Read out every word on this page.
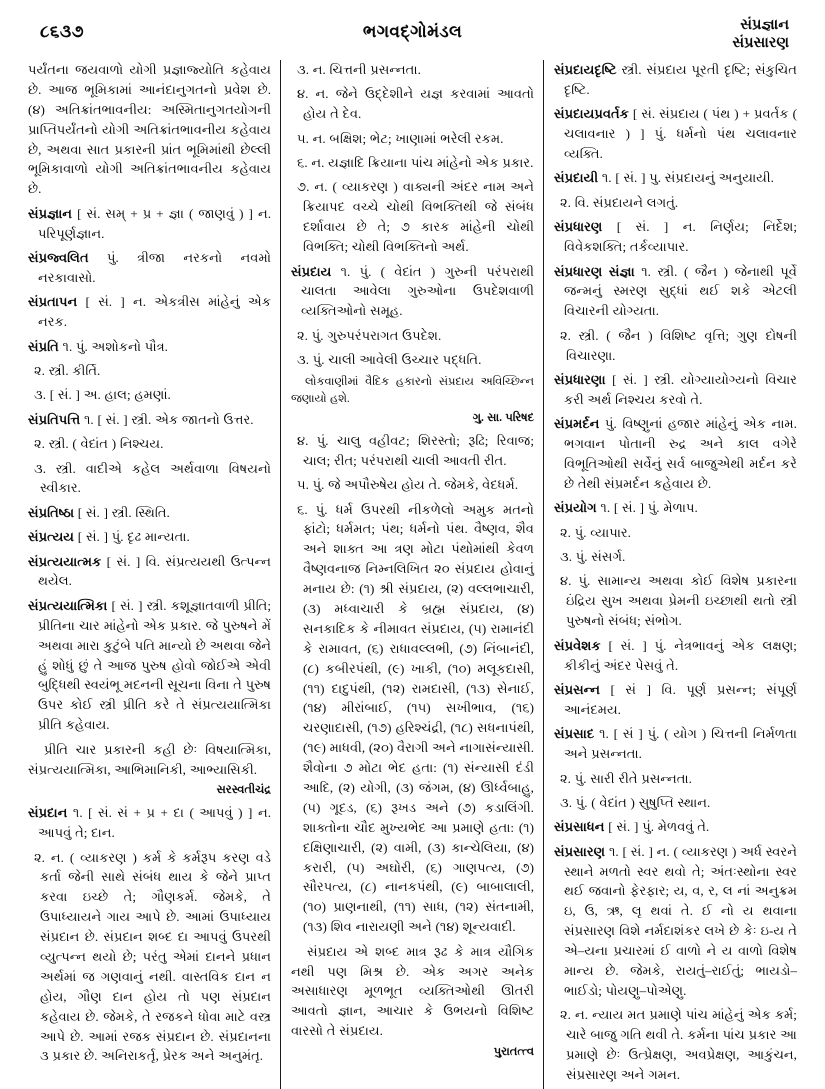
૮૬૩૭	ભગવદ્ગોમંડલ	સંપ્રજ્ઞાન
સંપ્રસારણ

પર્યંતના જયવાળો યોગી પ્રજ્ઞાજ્યોતિ કહેવાય છે. આજ ભૂમિકામાં આનંદાનુગતનો પ્રવેશ છે. (૪) અતિક્રાંતભાવનીય: અસ્મિતાનુગતયોગની પ્રાપ્તિપર્યંતનો યોગી અતિક્રાંતભાવનીય કહેવાય છે, અથવા સાત પ્રકારની પ્રાંત ભૂમિમાંથી છેલ્લી ભૂમિકાવાળો યોગી અતિક્રાંતભાવનીય કહેવાય છે.

સંપ્રજ્ઞાન [ સં. સમ્ + પ્ર + જ્ઞા ( જાણવું ) ] ન. પરિપૂર્ણજ્ઞાન.

સંપ્રજ્વલિત પું. ત્રીજા નરકનો નવમો નરકાવાસો.

સંપ્રતાપન [ સં. ] ન. એકત્રીસ માંહેનું એક નરક.

સંપ્રતિ ૧. પું. અશોકનો પૌત્ર.

૨. સ્ત્રી. કીર્તિ.

૩. [ સં. ] અ. હાલ; હમણાં.

સંપ્રતિપત્તિ ૧. [ સં. ] સ્ત્રી. એક જાતનો ઉત્તર.

૨. સ્ત્રી. ( વેદાંત ) નિશ્ચય.

૩. સ્ત્રી. વાદીએ કહેલ અર્થવાળા વિષયનો સ્વીકાર.

સંપ્રતિષ્ઠા [ સં. ] સ્ત્રી. સ્થિતિ.

સંપ્રત્યય [ સં. ] પું. દૃઢ માન્યતા.

સંપ્રત્યયાત્મક [ સં. ] વિ. સંપ્રત્યયથી ઉત્પન્ન થયેલ.

સંપ્રત્યયાત્મિકા [ સં. ] સ્ત્રી. કશૂજ્ઞાતવાળી પ્રીતિ; પ્રીતિના ચાર માંહેનો એક પ્રકાર. જે પુરુષને મેં અથવા મારા કુટુંબે પતિ માન્યો છે અથવા જેને હું શોધું છું તે આજ પુરુષ હોવો જોઈએ એવી બુદ્ધિથી સ્વયંભૂ મદનની સૂચના વિના તે પુરુષ ઉપર કોઈ સ્ત્રી પ્રીતિ કરે તે સંપ્રત્યયાત્મિકા પ્રીતિ કહેવાય.

પ્રીતિ ચાર પ્રકારની કહી છેઃ વિષયાત્મિકા, સંપ્રત્યયાત્મિકા, આભિમાનિકી, આભ્યાસિકી.

સરસ્વતીચંદ્ર

સંપ્રદાન ૧. [ સં. સં + પ્ર + દા ( આપવું ) ] ન. આપવું તે; દાન.

૨. ન. ( વ્યાકરણ ) કર્મ કે કર્મરૂપ કરણ વડે કર્તા જેની સાથે સંબંધ થાય કે જેને પ્રાપ્ત કરવા ઇચ્છે તે; ગૌણકર્મ. જેમકે, તે ઉપાધ્યાયને ગાય આપે છે. આમાં ઉપાધ્યાય સંપ્રદાન છે. સંપ્રદાન શબ્દ દા આપવું ઉપરથી વ્યુત્પન્ન થયો છે; પરંતુ એમાં દાનને પ્રધાન અર્થમાં જ ગણવાનું નથી. વાસ્તવિક દાન ન હોય, ગૌણ દાન હોય તો પણ સંપ્રદાન કહેવાય છે. જેમકે, તે રજકને ધોવા માટે વસ્ત્ર આપે છે. આમાં રજક સંપ્રદાન છે. સંપ્રદાનના ૩ પ્રકાર છે. અનિરાકર્તૃ, પ્રેરક અને અનુમંતૃ.

૩. ન. ચિત્તની પ્રસન્નતા.

૪. ન. જેને ઉદ્દેશીને યજ્ઞ કરવામાં આવતો હોય તે દેવ.

૫. ન. બક્ષિશ; ભેટ; ખાણામાં ભરેલી રકમ.

૬. ન. યજ્ઞાદિ ક્રિયાના પાંચ માંહેનો એક પ્રકાર.

૭. ન. ( વ્યાકરણ ) વાક્યની અંદર નામ અને ક્રિયાપદ વચ્ચે ચોથી વિભક્તિથી જે સંબંધ દર્શાવાય છે તે; ૭ કારક માંહેની ચોથી વિભક્તિ; ચોથી વિભક્તિનો અર્થ.

સંપ્રદાય ૧. પું. ( વેદાંત ) ગુરુની પરંપરાથી ચાલતા આવેલા ગુરુઓના ઉપદેશવાળી વ્યક્તિઓનો સમૂહ.

૨. પું. ગુરુપરંપરાગત ઉપદેશ.

૩. પું. ચાલી આવેલી ઉચ્ચાર પદ્ધતિ.

લોકવાણીમાં વૈદિક હકારનો સંપ્રદાય અવિચ્છિન્ન જણાયો હશે.

ગુ. સા. પરિષદ

૪. પું. ચાલુ વહીવટ; શિરસ્તો; રૂઢિ; રિવાજ; ચાલ; રીત; પરંપરાથી ચાલી આવતી રીત.

૫. પું. જે અપૌરુષેય હોય તે. જેમકે, વેદધર્મ.

૬. પું. ધર્મ ઉપરથી નીકળેલો અમુક મતનો ફાંટો; ધર્મમત; પંથ; ધર્મનો પંથ. વૈષ્ણવ, શૈવ અને શાક્ત આ ત્રણ મોટા પંથોમાંથી કેવળ વૈષ્ણવનાજ નિમ્નલિખિત ૨૦ સંપ્રદાય હોવાનું મનાય છે: (૧) શ્રી સંપ્રદાય, (૨) વલ્લભાચારી, (૩) મધ્વાચારી કે બ્રહ્મ સંપ્રદાય, (૪) સનકાદિક કે નીમાવત સંપ્રદાય, (૫) રામાનંદી કે રામાવત, (૬) રાધાવલ્લભી, (૭) નિંબાનંદી, (૮) કબીરપંથી, (૯) ખાકી, (૧૦) મલૂકદાસી, (૧૧) દાદુપંથી, (૧૨) રામદાસી, (૧૩) સેનાઈ, (૧૪) મીરાંબાઈ, (૧૫) સખીભાવ, (૧૬) ચરણાદાસી, (૧૭) હરિશ્ચંદ્રી, (૧૮) સધનાપંથી, (૧૯) માધવી, (૨૦) વૈરાગી અને નાગાસંન્યાસી. શૈવોના ૭ મોટા ભેદ હતા: (૧) સંન્યાસી દંડી આદિ, (૨) યોગી, (૩) જંગમ, (૪) ઊર્ધ્વબાહુ, (૫) ગૂદડ, (૬) રૂખડ અને (૭) કડાલિંગી. શાક્તોના ચૌદ મુખ્યભેદ આ પ્રમાણે હતા: (૧) દક્ષિણાચારી, (૨) વામી, (૩) કાન્ચેલિયા, (૪) કરારી, (૫) અઘોરી, (૬) ગાણપત્ય, (૭) સૌરપત્ય, (૮) નાનકપંથી, (૯) બાબાલાલી, (૧૦) પ્રાણનાથી, (૧૧) સાધ, (૧૨) સંતનામી, (૧૩) શિવ નારાયણી અને (૧૪) શૂન્યવાદી.

સંપ્રદાય એ શબ્દ માત્ર રૂઢ કે માત્ર યૌગિક નથી પણ મિશ્ર છે. એક અગર અનેક અસાધારણ મૂળભૂત વ્યક્તિઓથી ઊતરી આવતો જ્ઞાન, આચાર કે ઉભયનો વિશિષ્ટ વારસો તે સંપ્રદાય.

પુરાતત્ત્વ

સંપ્રદાયદૃષ્ટિ સ્ત્રી. સંપ્રદાય પૂરતી દૃષ્ટિ; સંકુચિત દૃષ્ટિ.

સંપ્રદાયપ્રવર્તક [ સં. સંપ્રદાય ( પંથ ) + પ્રવર્તક ( ચલાવનાર ) ] પું. ધર્મનો પંથ ચલાવનાર વ્યક્તિ.

સંપ્રદાયી ૧. [ સં. ] પુ. સંપ્રદાયનું અનુયાયી.

૨. વિ. સંપ્રદાયને લગતું.

સંપ્રધારણ [ સં. ] ન. નિર્ણય; નિર્દેશ; વિવેકશક્તિ; તર્કવ્યાપાર.

સંપ્રધારણ સંજ્ઞા ૧. સ્ત્રી. ( જૈન ) જેનાથી પૂર્વે જન્મનું સ્મરણ સુદ્ધાં થઈ શકે એટલી વિચારની યોગ્યતા.

૨. સ્ત્રી. ( જૈન ) વિશિષ્ટ વૃત્તિ; ગુણ દોષની વિચારણા.

સંપ્રધારણા [ સં. ] સ્ત્રી. યોગ્યાયોગ્યનો વિચાર કરી અર્થ નિશ્ચય કરવો તે.

સંપ્રમર્દન પું. વિષ્ણુનાં હજાર માંહેનું એક નામ. ભગવાન પોતાની રુદ્ર અને કાલ વગેરે વિભૂતિઓથી સર્વેનું સર્વ બાજુએથી મર્દન કરે છે તેથી સંપ્રમર્દન કહેવાય છે.

સંપ્રયોગ ૧. [ સં. ] પું. મેળાપ.

૨. પું. વ્યાપાર.

૩. પું. સંસર્ગ.

૪. પું. સામાન્ય અથવા કોઈ વિશેષ પ્રકારના ઇંદ્રિય સુખ અથવા પ્રેમની ઇચ્છાથી થતો સ્ત્રી પુરુષનો સંબંધ; સંભોગ.

સંપ્રવેશક [ સં. ] પું. નેત્રભાવનું એક લક્ષણ; કીકીનું અંદર પેસવું તે.

સંપ્રસન્ન [ સં ] વિ. પૂર્ણ પ્રસન્ન; સંપૂર્ણ આનંદમય.

સંપ્રસાદ ૧. [ સં ] પું. ( યોગ ) ચિત્તની નિર્મળતા અને પ્રસન્નતા.

૨. પું. સારી રીતે પ્રસન્નતા.

૩. પું. ( વેદાંત ) સુષુપ્તિ સ્થાન.

સંપ્રસાધન [ સં. ] પું. મેળવવું તે.

સંપ્રસારણ ૧. [ સં. ] ન. ( વ્યાકરણ ) અર્ધ સ્વરને સ્થાને મળતો સ્વર થવો તે; અંતઃસ્થોના સ્વર થઈ જવાનો ફેરફાર; ય, વ, ર, લ નાં અનુક્રમ ઇ, ઉ, ઋ, લૃ થવાં તે. ઈ નો ય થવાના સંપ્રસારણ વિશે નર્મદાશંકર લખે છે કેઃ ઇ-ય તે એ–યના પ્રચારમાં ઈ વાળો ને ય વાળો વિશેષ માન્ય છે. જેમકે, રાયતું–રાઈતું; ભાયડો–ભાઈડો; પોયણુ–પોએણુ.

૨. ન. ન્યાય મત પ્રમાણે પાંચ માંહેનું એક કર્મ; ચારે બાજુ ગતિ થવી તે. કર્મના પાંચ પ્રકાર આ પ્રમાણે છેઃ ઉત્પ્રેક્ષણ, અવપ્રેક્ષણ, આકુંચન, સંપ્રસારણ અને ગમન.
